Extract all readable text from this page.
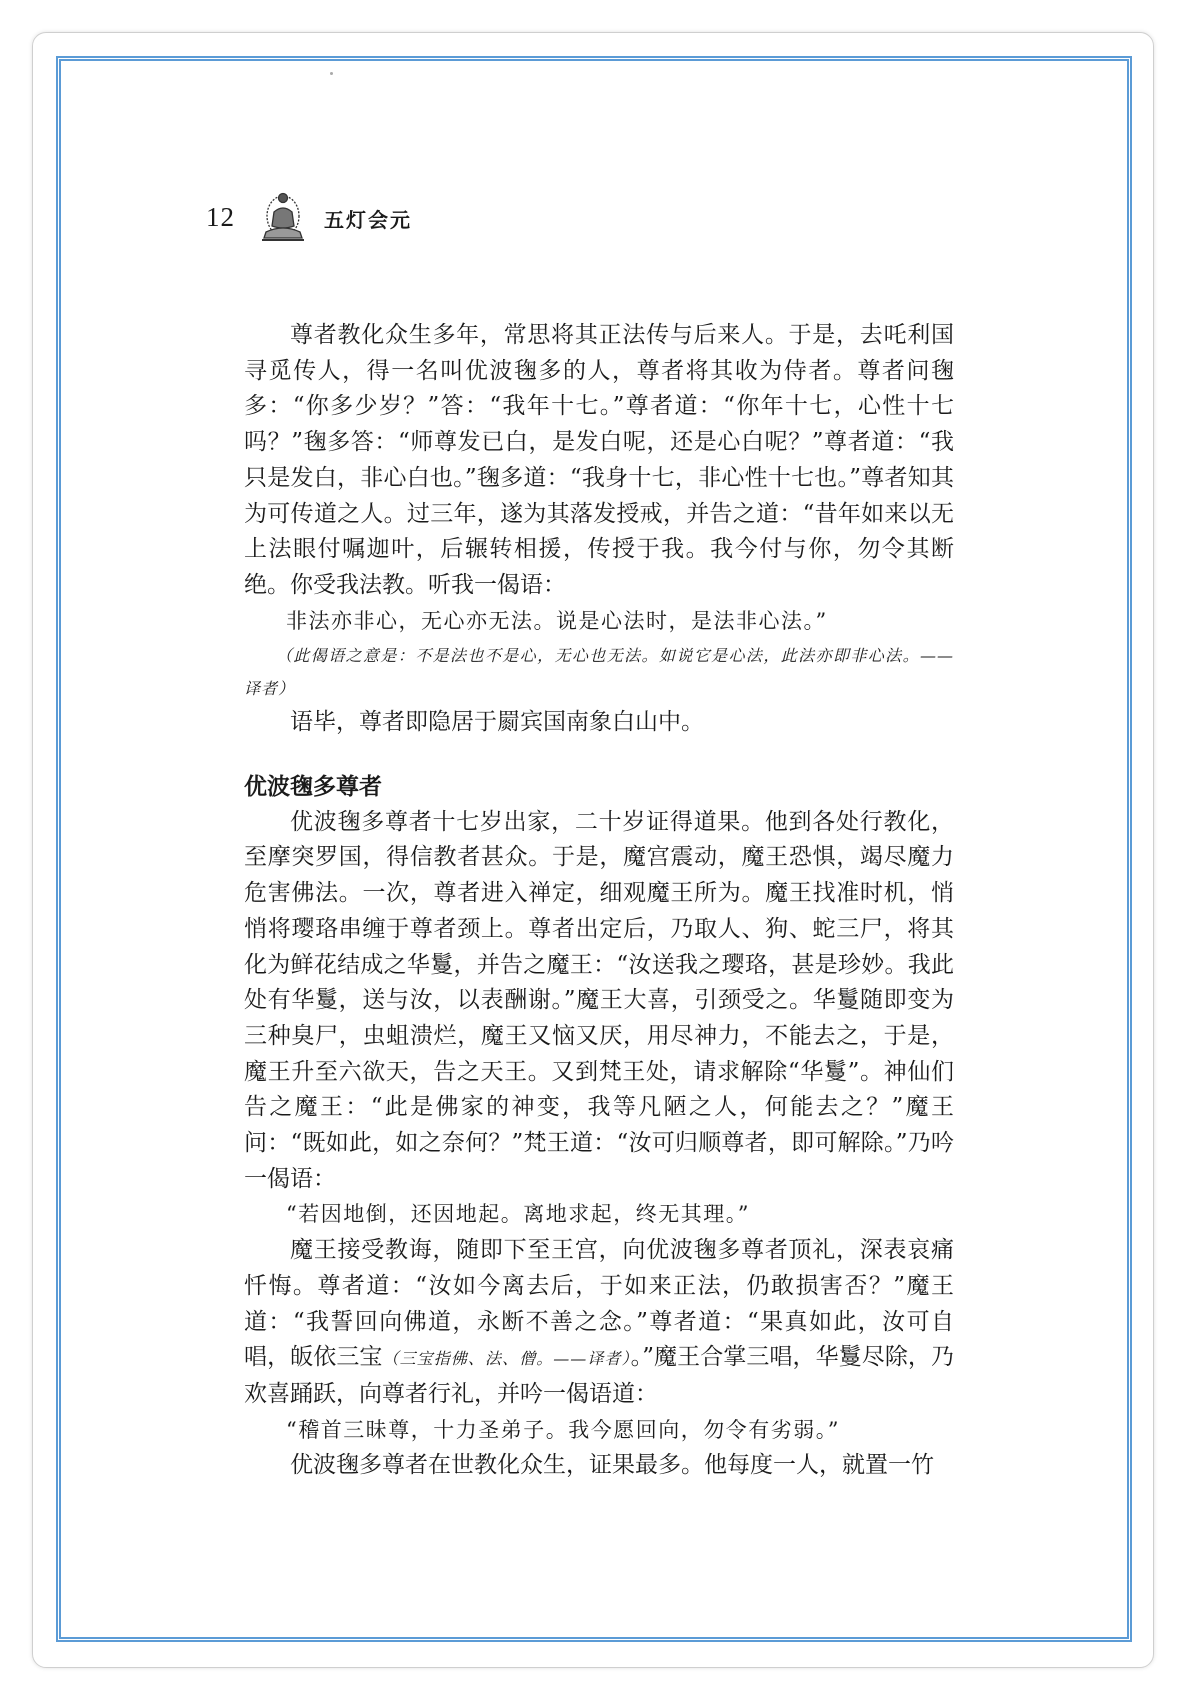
12	五灯会元

尊者教化众生多年，常思将其正法传与后来人。于是，去吒利国寻觅传人，得一名叫优波毱多的人，尊者将其收为侍者。尊者问毱多：“你多少岁？”答：“我年十七。”尊者道：“你年十七，心性十七吗？”毱多答：“师尊发已白，是发白呢，还是心白呢？”尊者道：“我只是发白，非心白也。”毱多道：“我身十七，非心性十七也。”尊者知其为可传道之人。过三年，遂为其落发授戒，并告之道：“昔年如来以无上法眼付嘱迦叶，后辗转相援，传授于我。我今付与你，勿令其断绝。你受我法教。听我一偈语：

非法亦非心，无心亦无法。说是心法时，是法非心法。”

（此偈语之意是：不是法也不是心，无心也无法。如说它是心法，此法亦即非心法。——译者）

语毕，尊者即隐居于罽宾国南象白山中。

优波毱多尊者

优波毱多尊者十七岁出家，二十岁证得道果。他到各处行教化，至摩突罗国，得信教者甚众。于是，魔宫震动，魔王恐惧，竭尽魔力危害佛法。一次，尊者进入禅定，细观魔王所为。魔王找准时机，悄悄将璎珞串缠于尊者颈上。尊者出定后，乃取人、狗、蛇三尸，将其化为鲜花结成之华鬘，并告之魔王：“汝送我之璎珞，甚是珍妙。我此处有华鬘，送与汝，以表酬谢。”魔王大喜，引颈受之。华鬘随即变为三种臭尸，虫蛆溃烂，魔王又恼又厌，用尽神力，不能去之，于是，魔王升至六欲天，告之天王。又到梵王处，请求解除“华鬘”。神仙们告之魔王：“此是佛家的神变，我等凡陋之人，何能去之？”魔王问：“既如此，如之奈何？”梵王道：“汝可归顺尊者，即可解除。”乃吟一偈语：

“若因地倒，还因地起。离地求起，终无其理。”

魔王接受教诲，随即下至王宫，向优波毱多尊者顶礼，深表哀痛忏悔。尊者道：“汝如今离去后，于如来正法，仍敢损害否？”魔王道：“我誓回向佛道，永断不善之念。”尊者道：“果真如此，汝可自唱，皈依三宝（三宝指佛、法、僧。——译者）。”魔王合掌三唱，华鬘尽除，乃欢喜踊跃，向尊者行礼，并吟一偈语道：

“稽首三昧尊，十力圣弟子。我今愿回向，勿令有劣弱。”

优波毱多尊者在世教化众生，证果最多。他每度一人，就置一竹
